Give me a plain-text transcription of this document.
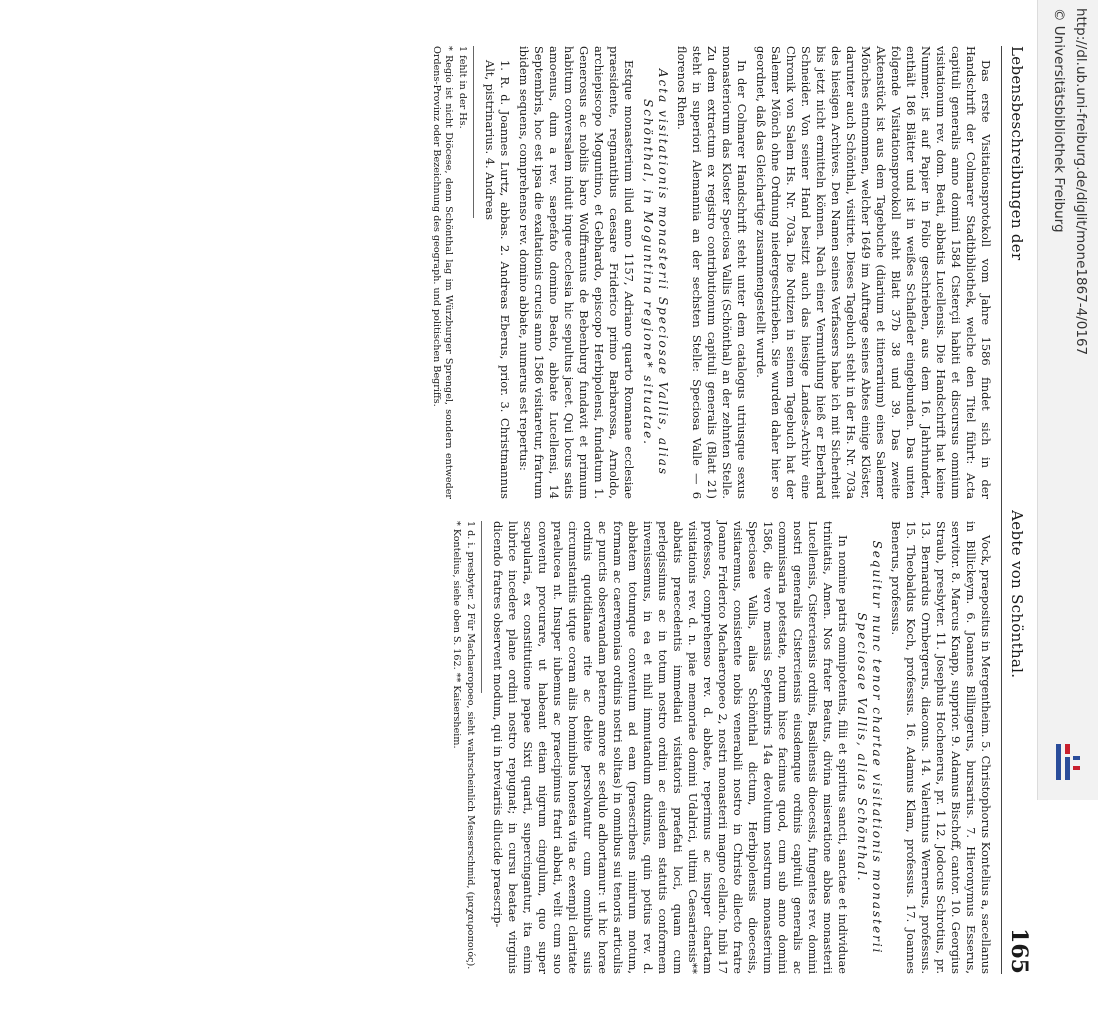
Lebensbeschreibungen der
Aebte von Schönthal.
165

Das erste Visitationsprotokoll vom Jahre 1586 findet sich in der Handschrift der Colmarer Stadtbibliothek, welche den Titel führt: Acta capituli generalis anno domini 1584 Cisterçii habiti et discursus omnium visitationum rev. dom. Beati, abbatis Lucellensis. Die Handschrift hat keine Nummer, ist auf Papier in Folio geschrieben, aus dem 16. Jahrhundert, enthält 186 Blätter und ist in weißes Schafleder eingebunden. Das unten folgende Visitationsprotokoll steht Blatt 37b 38 und 39. Das zweite Aktenstück ist aus dem Tagebuche (diarium et itinerarium) eines Salemer Mönches entnommen, welcher 1649 im Auftrage seines Abtes einige Klöster, darunter auch Schönthal, visitirte. Dieses Tagebuch steht in der Hs. Nr. 703a des hiesigen Archives. Den Namen seines Verfassers habe ich mit Sicherheit bis jetzt nicht ermitteln können. Nach einer Vermuthung hieß er Eberhard Schneider. Von seiner Hand besitzt auch das hiesige Landes-Archiv eine Chronik von Salem Hs. Nr. 703a. Die Notizen in seinem Tagebuch hat der Salemer Mönch ohne Ordnung niedergeschrieben. Sie wurden daher hier so geordnet, daß das Gleichartige zusammengestellt wurde.

In der Colmarer Handschrift steht unter dem catalogus utriusque sexus monasteriorum das Kloster Speciosa Vallis (Schönthal) an der zehnten Stelle. Zu dem extractum ex registro contributionum capituli generalis (Blatt 21) steht in superiori Alemannia an der sechsten Stelle: Speciosa Valle — 6 florenos Rhen.

Acta visitationis monasterii Speciosae Vallis, alias Schönthal, in Moguntina regione* situatae.

Estque monasterium illud anno 1157, Adriano quarto Romanae ecclesiae praesidente, regnantibus caesare Friderico primo Barbarossa, Arnoldo, archiepiscopo Moguntino, et Gebhardo, episcopo Herbipolensi, fundatum 1. Generosus ac nobilis baro Wolffrannus de Bebenburg fundavit et primum habitum conversalem induit inque ecclesia hic sepultus jacet. Qui locus satis amoenus, dum a rev. saepefato domino Beato, abbate Lucellensi, 14 Septembris, hoc est ipsa die exaltationis crucis anno 1586 visitaretur, fratrum ibidem sequens, comprehenso rev. domino abbate, numerus est repertus:

1. R. d. Joannes Lurtz, abbas. 2. Andreas Eberus, prior. 3. Christmannus Alt, pistrinarius. 4. Andreas

1 fehlt in der Hs.

* Regio ist nicht Diöcese, denn Schönthal lag im Würzburger Sprengel, sondern entweder Ordens-Provinz oder Bezeichnung des geograph. und politischen Begriffs.

Vock, praepositus in Mergentheim. 5. Christophorus Kontelius a, sacellanus in Billickeym. 6. Joannes Billingerus, bursarius. 7. Hieronymus Esserus, servitor. 8. Marcus Knapp, supprior. 9. Adamus Bischoff, cantor. 10. Georgius Straub, presbyter. 11. Josephus Hochenerus, pr. 1 12. Jodocus Schrotius, pr. 13. Bernardus Ornbergerus, diaconus. 14. Valentinus Wernerus, professus. 15. Theobaldus Koch, professus. 16. Adamus Klam, professus. 17. Joannes Benerus, professus.

Sequitur nunc tenor chartae visitationis monasterii Speciosae Vallis, alias Schönthal.

In nomine patris omnipotentis, filii et spiritus sancti, sanctae et individuae trinitatis, Amen. Nos frater Beatus, divina miseratione abbas monasterii Lucellensis, Cisterciensis ordinis, Basiliensis dioecesis, fungentes rev. domini nostri generalis Cisterciensis eiusdemque ordinis capituli generalis ac commissaria potestate, notum hisce facimus quod, cum sub anno domini 1586, die vero mensis Septembris 14a devolutum nostrum monasterium Speciosae Vallis, alias Schönthal dictum, Herbipolensis dioecesis, visitaremus, consistente nobis venerabili nostro in Christo dilecto fratre Joanne Friderico Machaeropoeo 2, nostri monasterii magno cellario. Inibi 17 professos, comprehenso rev. d. abbate, reperimus ac insuper chartam visitationis rev. d. n. piae memoriae domini Udalrici, ultimi Caesariensis** abbatis praecedentis immediati visitatoris praefati loci, quam cum perlegissimus ac in totum nostro ordini ac eiusdem statutis conformem invenissemus, in ea et nihil immutandum duximus, quin potius rev. d. abbatem totumque conventum ad eam (praescribens nimirum motum, formam ac caeremonias ordinis nostri solitas) in omnibus sui tenoris articulis ac punctis observandam paterno amore ac sedulo adhortamur: ut hic horae ordinis quotidianae rite ac debite persolvantur cum omnibus suis circumstantiis utque coram aliis hominibus honesta vita ac exempli claritate praelucea nt. Insuper iubemus ac praecipimus fratri abbati, velit cum suo conventu procurare, ut habeant etiam nigrum cingulum, quo super scapularia, ex constitutione papae Sixti quarti, supercingantur, ita enim lubrice incedere plane ordini nostro repugnat; in cursu beatae virginis dicendo fratres observent modum, qui in breviariis dilucide praescrip-

1 d. i. presbyter. 2 Für Machaeropoeo, sieht wahrscheinlich Messerschmid, (μαχαιροποιός).

* Kontelius, siehe oben S. 162. ** Kaisersheim.

http://dl.ub.uni-freiburg.de/diglit/mone1867-4/0167
© Universitätsbibliothek Freiburg
